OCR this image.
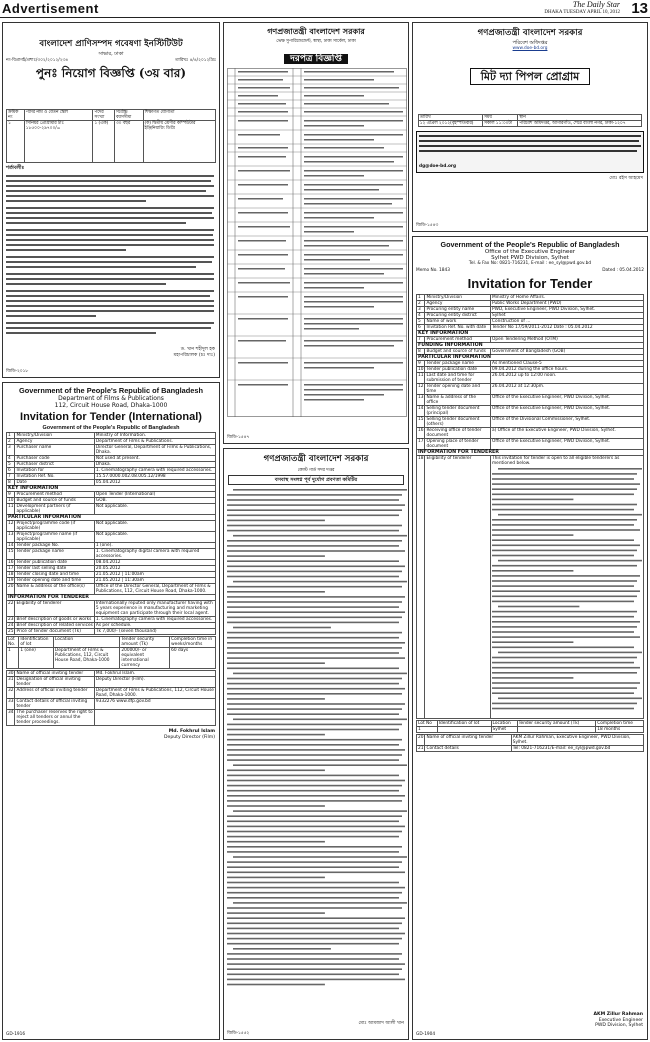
Advertisement	The Daily Star
DHAKA TUESDAY APRIL 10, 2012 13
বাংলাদেশ প্রাণিসম্পদ গবেষণা ইনস্টিটিউট
সাভার, ঢাকা
নং-বিপ্রাগই/প্রশাঃ/৩০২/২০১২/২৩৪	তারিখঃ ৪/৪/২০১২খ্রিঃ
পুনঃ নিয়োগ বিজ্ঞপ্তি (৩য় বার)
ক্রমিক নং	পদের নাম ও বেতন স্কেল	পদের সংখ্যা	সর্বোচ্চ বয়সসীমা	শিক্ষাগত যোগ্যতা
১	সিনিয়র প্রোগ্রামার টাঃ ১৮৫০০-২৯৭০০/=	১ (এক)	৩০ বছর	(ক) দ্বিতীয় শ্রেণীর কম্পিউটার ইঞ্জিনিয়ারিং ডিগ্রি
শর্তাবলীঃ
ড. খান শহীদুল হক
মহাপরিচালক (চঃ দাঃ)
জিডি-২০১৮
Government of the People's Republic of Bangladesh
Department of Films & Publications
112, Circuit House Road, Dhaka-1000
Invitation for Tender (International)
Government of the People's Republic of Bangladesh
1	Ministry/Division	Ministry of Information.
2	Agency	Department of Films & Publications.
3	Purchaser name	Director General, Department of Films & Publications, Dhaka.
4	Purchaser code	Not used at present.
5	Purchaser district	Dhaka.
6	Invitation for	1. Cinematography camera with required accessories.
7	Invitation Ref. No.	15.57.0000.002.08.005.12/1998
8	Date	05.04.2012
KEY INFORMATION		
9	Procurement method	Open Tender (International)
10	Budget and source of funds	GOB.
11	Development partners (if applicable)	Not applicable.
PARTICULAR INFORMATION		
12	Project/programme code (if applicable)	Not applicable.
13	Project/programme name (if applicable)	Not applicable.
14	Tender package No.	1 (one).
15	Tender package name	1. Cinematography digital camera with required accessories.
16	Tender publication date	08.04.2012
17	Tender last selling date	20.05.2012
18	Tender closing date and time	21.05.2012 | 11:00am
19	Tender opening date and time	21.05.2012 | 11:30am
20	Name & address of the office(s)	Office of the Director General, Department of Films & Publications, 112, Circuit House Road, Dhaka-1000.
INFORMATION FOR TENDERER		
22	Eligibility of tenderer	Internationally reputed only manufacturer having with 5 years experience in manufacturing and marketing equipment can participate through their local agent.
23	Brief description of goods or works	1. Cinematography camera with required accessories.
24	Brief description of related services	As per schedule.
25	Price of tender document (Tk)	Tk 7,000/- (seven thousand)
Lot No.	Identification of lot	Location	Tender security amount (Tk)	Completion time in weeks/months
1	1 (one)	Department of Films & Publications, 112, Circuit House Road, Dhaka-1000	200000/- or equivalent international currency	60 days
30	Name of official inviting tender	Md. Fokhrul Islam.
31	Designation of official inviting tender	Deputy Director (Film).
32	Address of official inviting tender	Department of Films & Publications, 112, Circuit House Road, Dhaka-1000.
33	Contact details of official inviting tender	9332276 www.dfp.gov.bd
34	The purchaser reserves the right to reject all tenders or annul the tender proceedings.	
Md. Fokhrul Islam
Deputy Director (Film)
GD-1916
গণপ্রজাতন্ত্রী বাংলাদেশ সরকার
ভেক্ষ সুপারিন্ডেন্ডেন্ট, স্বাস্থ্য, ঢাকা সার্কেল, ঢাকা
দরপত্র বিজ্ঞপ্তি
জিডি-১৫৪৭
গণপ্রজাতন্ত্রী বাংলাদেশ সরকার
কোস্ট গার্ড সদর দপ্তর
বসবাস্থ সংলগ্ন পূর্ব দুর্যোগ প্রবণতা কমিটির
মোঃ আমজাদ আলী খান
জিডি-১৫৫২
গণপ্রজাতন্ত্রী বাংলাদেশ সরকার
পরিবেশ অধিদপ্তর
www.doe-bd.org
মিট দ্যা পিপল প্রোগ্রাম
তারিখ	সময়	স্থান
১২ এপ্রিল ২০১২(বৃহস্পতিবার)	সকাল ১১:০০টা	পরিবেশ অধিদপ্তর, আগারগাঁও, শেরে বাংলা নগর, ঢাকা-১২০৭
dg@doe-bd.org
মোঃ রইস আহমেদ
জিডি-১৫৪৩
Government of the People's Republic of Bangladesh
Office of the Executive Engineer
Sylhet PWD Division, Sylhet
Tel. & Fax No: 0821-716231, E-mail : ee_syl@pwd.gov.bd
Memo No. 1843	Dated : 05.04.2012
Invitation for Tender
1	Ministry/Division	Ministry of Home Affairs.
2	Agency	Public Works Department (PWD)
3	Procuring entity name	PWD, Executive Engineer, PWD Division, Sylhet.
4	Procuring entity district	Sylhet
5	Name of work	Construction of ...
6	Invitation Ref. No. with date	Tender No 17/59/2011-2012 Date : 05.04.2012
KEY INFORMATION		
7	Procurement method	Open Tendering Method (OTM)
FUNDING INFORMATION		
8	Budget and source of funds	Government of Bangladesh (GOB)
PARTICULAR INFORMATION		
9	Tender package name	As mentioned Clause-5
10	Tender publication date	09.04.2012 during the office hours.
11	Last date and time for submission of tender	26.04.2012 up to 12:00 noon.
12	Tender opening date and time	26.04.2012 at 12:30pm.
13	Name & address of the office	Office of the Executive Engineer, PWD Division, Sylhet.
14	Selling tender document (principal)	Office of the Executive Engineer, PWD Division, Sylhet.
15	Selling tender document (others)	Office of the Divisional Commissioner, Sylhet.
16	Receiving office of tender document	a) Office of the Executive Engineer, PWD Division, Sylhet.
17	Opening place of tender document	Office of the Executive Engineer, PWD Division, Sylhet.
INFORMATION FOR TENDERER		
18	Eligibility of tenderer	This invitation for tender is open to all eligible tenderers as mentioned below.
Lot No	Identification of lot	Location	Tender security amount (Tk)	Completion time
1		Sylhet		18 months
20	Name of official inviting tender	AKM Zillur Rahman, Executive Engineer, PWD Division, Sylhet.
21	Contact details	Tel: 0821-716231/E-mail: ee_syl@pwd.gov.bd
AKM Zillur Rahman
Executive Engineer
PWD Division, Sylhet
GD-1904
